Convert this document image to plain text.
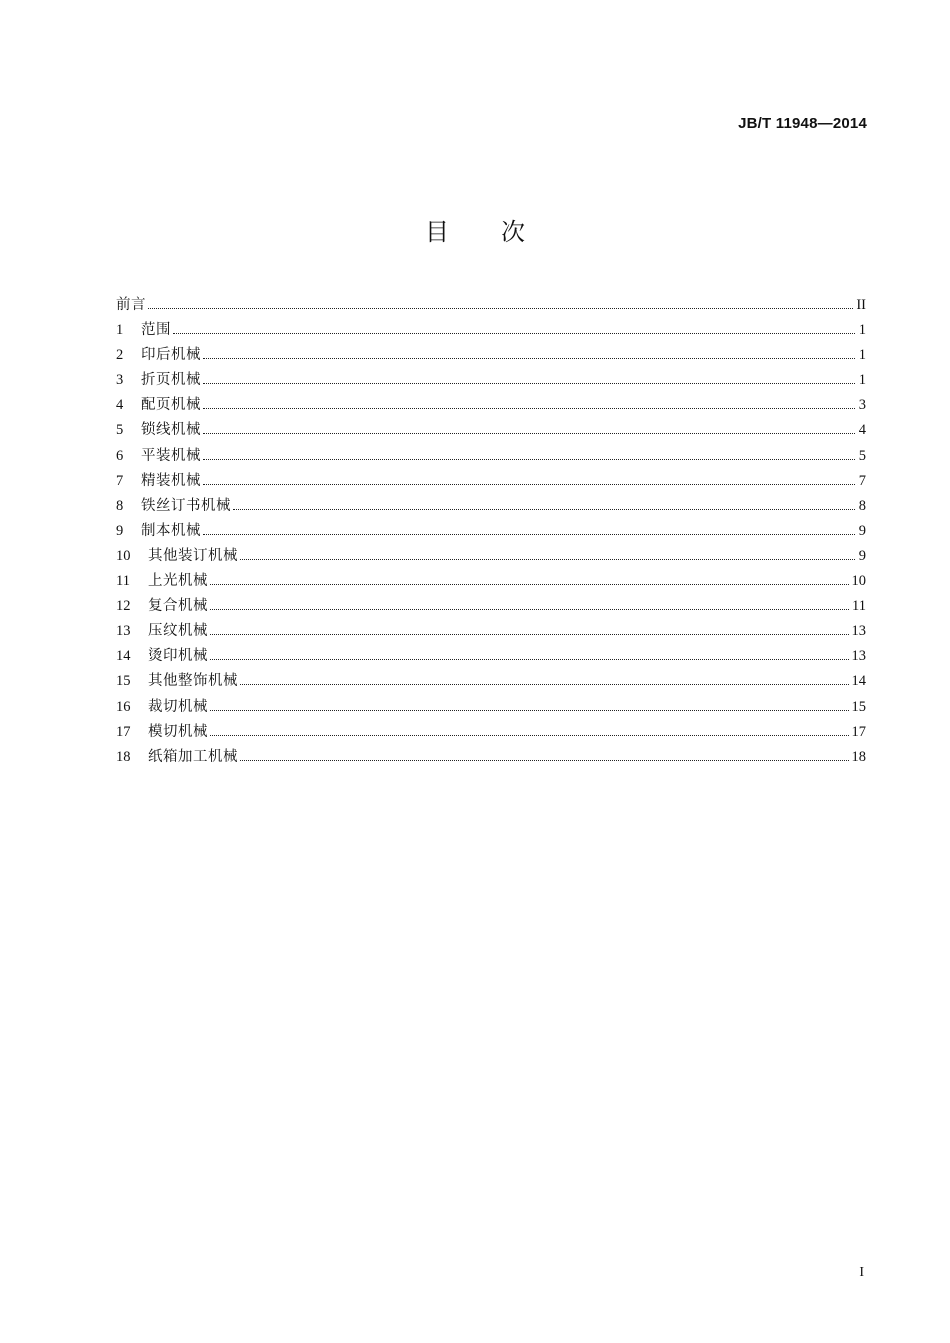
JB/T 11948—2014
目 次
前言	II
1	范围	1
2	印后机械	1
3	折页机械	1
4	配页机械	3
5	锁线机械	4
6	平装机械	5
7	精装机械	7
8	铁丝订书机械	8
9	制本机械	9
10	其他装订机械	9
11	上光机械	10
12	复合机械	11
13	压纹机械	13
14	烫印机械	13
15	其他整饰机械	14
16	裁切机械	15
17	模切机械	17
18	纸箱加工机械	18
I
